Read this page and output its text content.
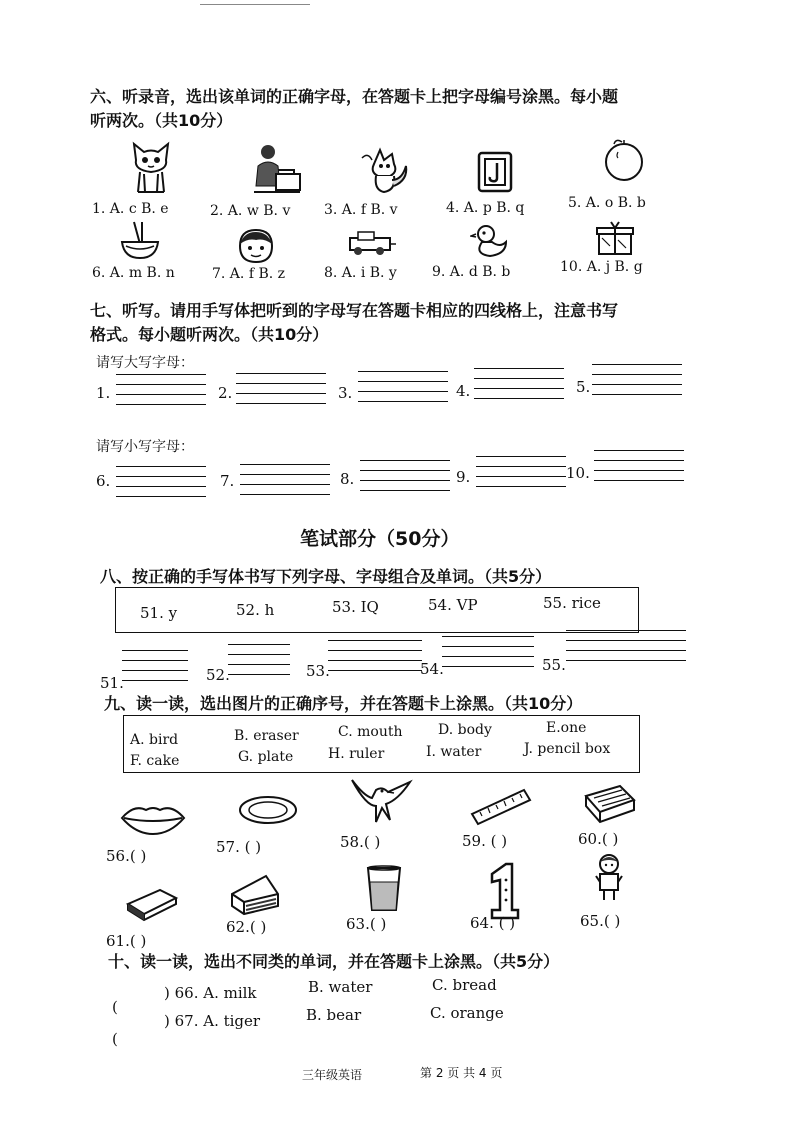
六、听录音，选出该单词的正确字母，在答题卡上把字母编号涂黑。每小题
听两次。（共10分）
1. A. c B. e	2. A. w B. v 3. A. f B. v	4. A. p B. q	5. A. o B. b
6. A. m B. n	7. A. f B. z	8. A. i B. y	9. A. d B. b	10. A. j B. g
七、听写。请用手写体把听到的字母写在答题卡相应的四线格上，注意书写
格式。每小题听两次。（共10分）
请写大写字母：
1.	2.	3.	4.	5.
请写小写字母：
6.	7.	8.	9.	10.
笔试部分（50分）
八、按正确的手写体书写下列字母、字母组合及单词。（共5分）
51. y	52. h	53. IQ	54. VP	55. rice
51.	52.	53.	54.	55.
九、读一读，选出图片的正确序号，并在答题卡上涂黑。（共10分）
A. bird	B. eraser	C. mouth	D. body	E.one
F. cake	G. plate H. ruler	I. water	J. pencil box
56.( )	57. ( )	58.( )	59. ( )	60.( )
61.( )
62.( )	63.( )	64. ( )	65.( )
十、读一读，选出不同类的单词，并在答题卡上涂黑。（共5分）
(
) 66. A. milk	B. water	C. bread
(
) 67. A. tiger	B. bear	C. orange
三年级英语	第 2 页 共 4 页
